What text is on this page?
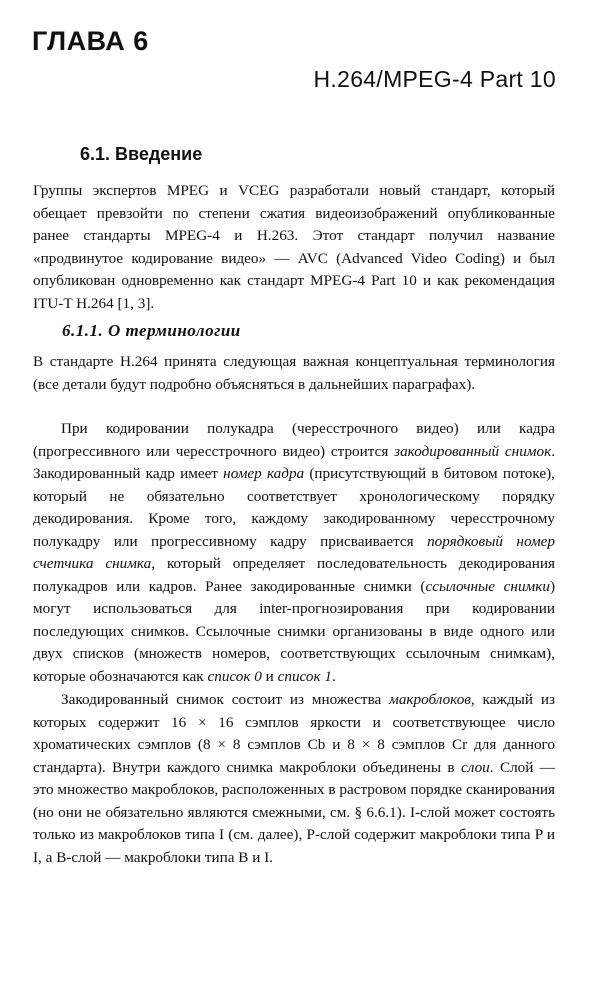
ГЛАВА 6
H.264/MPEG-4 Part 10
6.1. Введение

Группы экспертов MPEG и VCEG разработали новый стандарт, который обещает превзойти по степени сжатия видеоизображений опубликованные ранее стандарты MPEG-4 и H.263. Этот стандарт получил название «продвинутое кодирование видео» — AVC (Advanced Video Coding) и был опубликован одновременно как стандарт MPEG-4 Part 10 и как рекомендация ITU-T H.264 [1, 3].

6.1.1. О терминологии

В стандарте H.264 принята следующая важная концептуальная терминология (все детали будут подробно объясняться в дальнейших параграфах).

При кодировании полукадра (чересстрочного видео) или кадра (прогрессивного или чересстрочного видео) строится закодированный снимок. Закодированный кадр имеет номер кадра (присутствующий в битовом потоке), который не обязательно соответствует хронологическому порядку декодирования. Кроме того, каждому закодированному чересстрочному полукадру или прогрессивному кадру присваивается порядковый номер счетчика снимка, который определяет последовательность декодирования полукадров или кадров. Ранее закодированные снимки (ссылочные снимки) могут использоваться для inter-прогнозирования при кодировании последующих снимков. Ссылочные снимки организованы в виде одного или двух списков (множеств номеров, соответствующих ссылочным снимкам), которые обозначаются как список 0 и список 1.

Закодированный снимок состоит из множества макроблоков, каждый из которых содержит 16 × 16 сэмплов яркости и соответствующее число хроматических сэмплов (8 × 8 сэмплов Cb и 8 × 8 сэмплов Cr для данного стандарта). Внутри каждого снимка макроблоки объединены в слои. Слой — это множество макроблоков, расположенных в растровом порядке сканирования (но они не обязательно являются смежными, см. § 6.6.1). I-слой может состоять только из макроблоков типа I (см. далее), P-слой содержит макроблоки типа P и I, а B-слой — макроблоки типа B и I.
